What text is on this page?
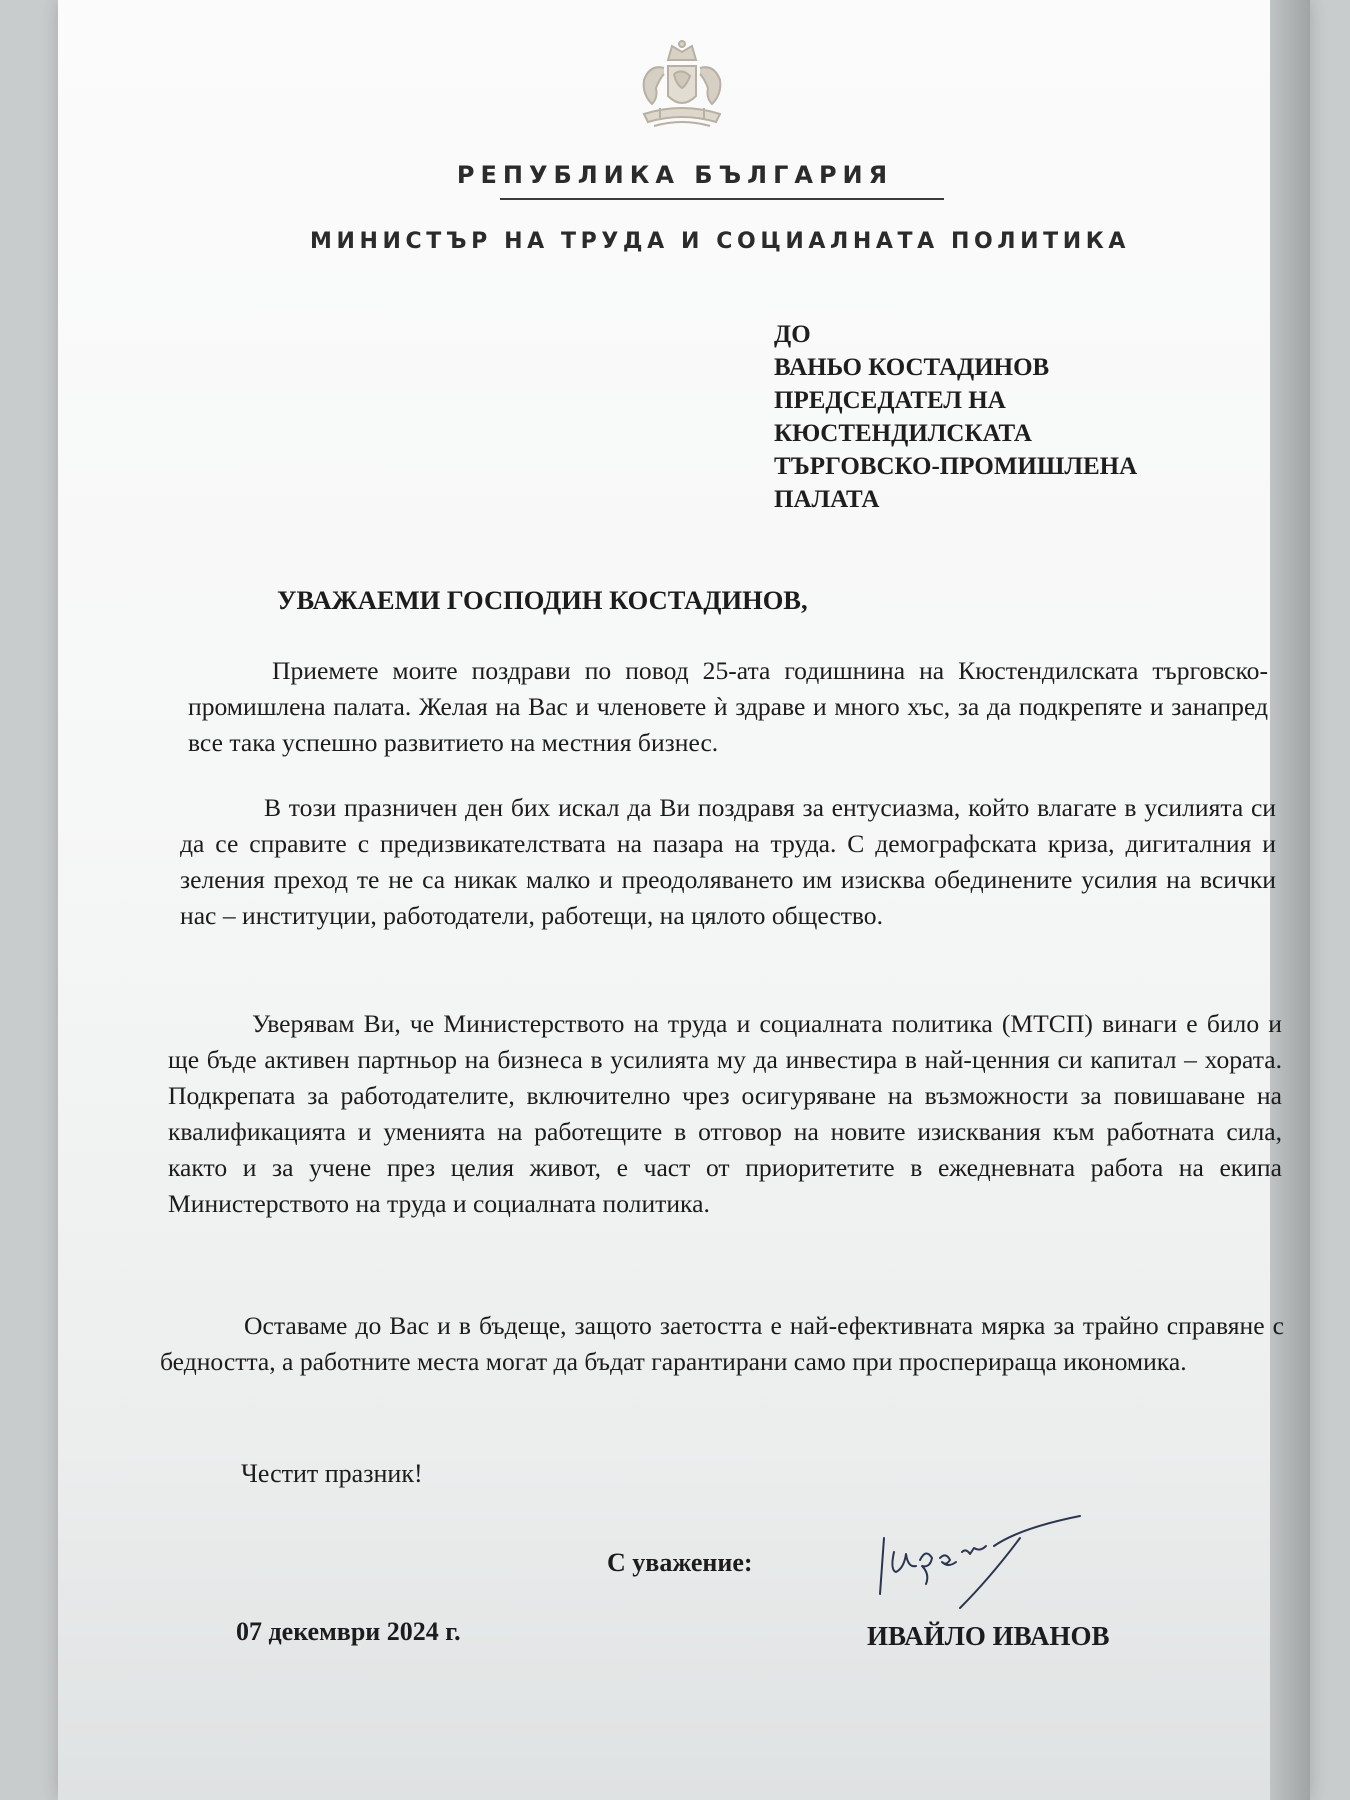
РЕПУБЛИКА БЪЛГАРИЯ
МИНИСТЪР НА ТРУДА И СОЦИАЛНАТА ПОЛИТИКА
ДО
ВАНЬО КОСТАДИНОВ
ПРЕДСЕДАТЕЛ НА
КЮСТЕНДИЛСКАТА
ТЪРГОВСКО-ПРОМИШЛЕНА
ПАЛАТА
УВАЖАЕМИ ГОСПОДИН КОСТАДИНОВ,
Приемете моите поздрави по повод 25-ата годишнина на Кюстендилската търговско-промишлена палата. Желая на Вас и членовете ѝ здраве и много хъс, за да подкрепяте и занапред все така успешно развитието на местния бизнес.
В този празничен ден бих искал да Ви поздравя за ентусиазма, който влагате в усилията си да се справите с предизвикателствата на пазара на труда. С демографската криза, дигиталния и зеления преход те не са никак малко и преодоляването им изисква обединените усилия на всички нас – институции, работодатели, работещи, на цялото общество.
Уверявам Ви, че Министерството на труда и социалната политика (МТСП) винаги е било и ще бъде активен партньор на бизнеса в усилията му да инвестира в най-ценния си капитал – хората. Подкрепата за работодателите, включително чрез осигуряване на възможности за повишаване на квалификацията и уменията на работещите в отговор на новите изисквания към работната сила, както и за учене през целия живот, е част от приоритетите в ежедневната работа на екипа Министерството на труда и социалната политика.
Оставаме до Вас и в бъдеще, защото заетостта е най-ефективната мярка за трайно справяне с бедността, а работните места могат да бъдат гарантирани само при просперираща икономика.
Честит празник!
С уважение:
07 декември 2024 г.	ИВАЙЛО ИВАНОВ
